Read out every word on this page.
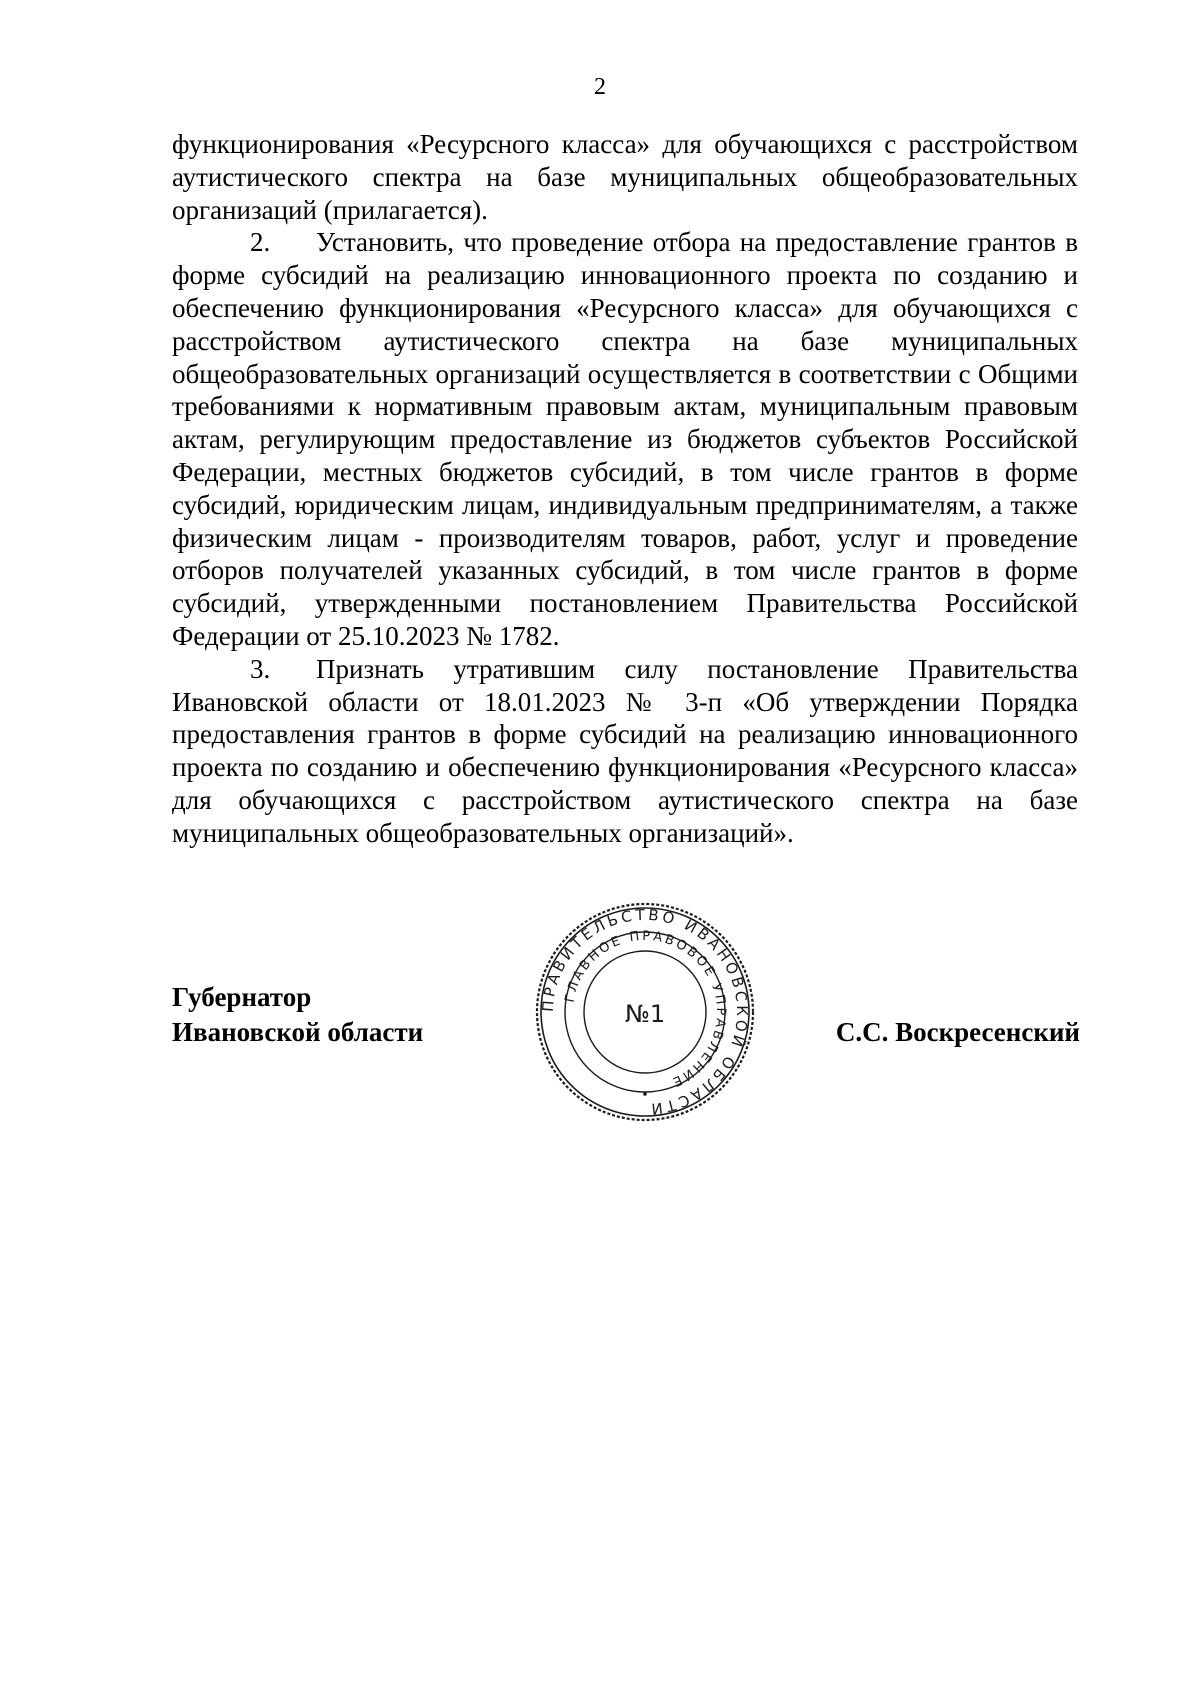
2

функционирования «Ресурсного класса» для обучающихся с расстройством аутистического спектра на базе муниципальных общеобразовательных организаций (прилагается).

2. Установить, что проведение отбора на предоставление грантов в форме субсидий на реализацию инновационного проекта по созданию и обеспечению функционирования «Ресурсного класса» для обучающихся с расстройством аутистического спектра на базе муниципальных общеобразовательных организаций осуществляется в соответствии с Общими требованиями к нормативным правовым актам, муниципальным правовым актам, регулирующим предоставление из бюджетов субъектов Российской Федерации, местных бюджетов субсидий, в том числе грантов в форме субсидий, юридическим лицам, индивидуальным предпринимателям, а также физическим лицам - производителям товаров, работ, услуг и проведение отборов получателей указанных субсидий, в том числе грантов в форме субсидий, утвержденными постановлением Правительства Российской Федерации от 25.10.2023 № 1782.

3. Признать утратившим силу постановление Правительства Ивановской области от 18.01.2023 № 3-п «Об утверждении Порядка предоставления грантов в форме субсидий на реализацию инновационного проекта по созданию и обеспечению функционирования «Ресурсного класса» для обучающихся с расстройством аутистического спектра на базе муниципальных общеобразовательных организаций».

Губернатор
Ивановской области	С.С. Воскресенский
ПРАВИТЕЛЬСТВО ИВАНОВСКОЙ ОБЛАСТИ
ГЛАВНОЕ ПРАВОВОЕ УПРАВЛЕНИЕ
№1
